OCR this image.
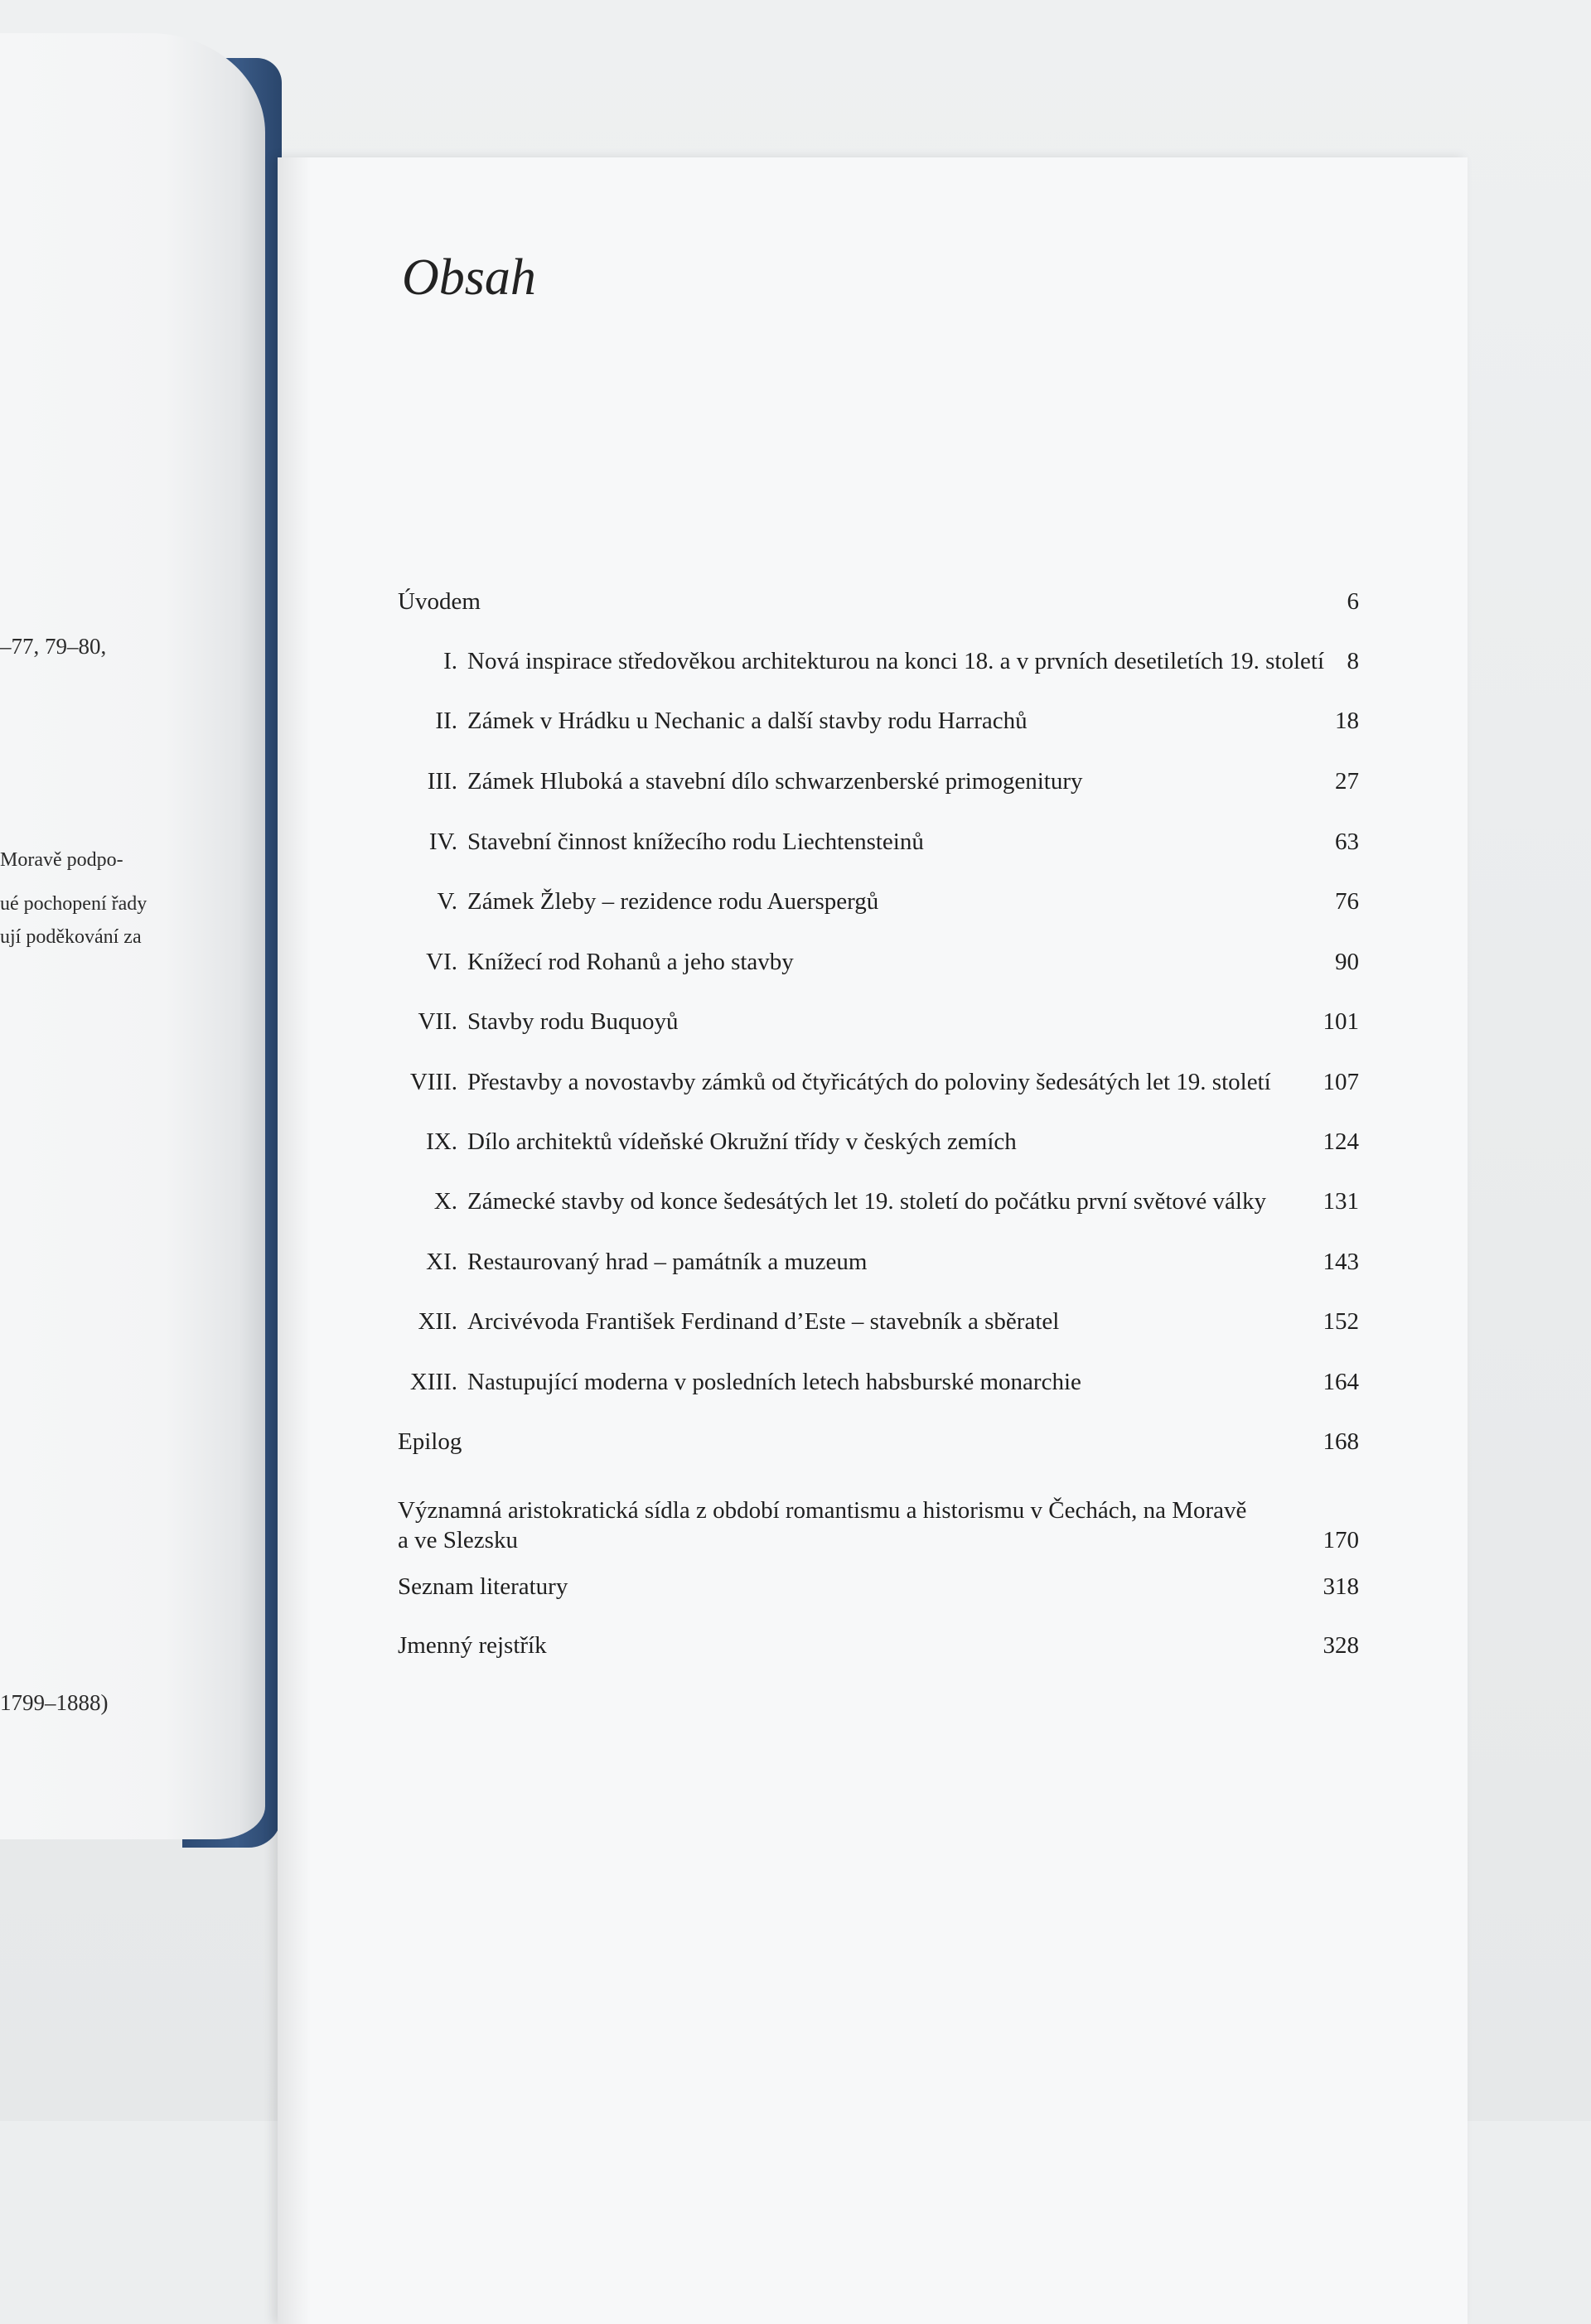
–77, 79–80,
Moravě podpo-
ué pochopení řady
ují poděkování za
1799–1888)
Obsah
Úvodem	6
I. Nová inspirace středověkou architekturou na konci 18. a v prvních desetiletích 19. století 8
II. Zámek v Hrádku u Nechanic a další stavby rodu Harrachů	18
III. Zámek Hluboká a stavební dílo schwarzenberské primogenitury	27
IV. Stavební činnost knížecího rodu Liechtensteinů	63
V. Zámek Žleby – rezidence rodu Auerspergů	76
VI. Knížecí rod Rohanů a jeho stavby	90
VII. Stavby rodu Buquoyů	101
VIII. Přestavby a novostavby zámků od čtyřicátých do poloviny šedesátých let 19. století 107
IX. Dílo architektů vídeňské Okružní třídy v českých zemích	124
X. Zámecké stavby od konce šedesátých let 19. století do počátku první světové války 131
XI. Restaurovaný hrad – památník a muzeum	143
XII. Arcivévoda František Ferdinand d’Este – stavebník a sběratel	152
XIII. Nastupující moderna v posledních letech habsburské monarchie	164
Epilog	168
Významná aristokratická sídla z období romantismu a historismu v Čechách, na Moravě a ve Slezsku	170
Seznam literatury	318
Jmenný rejstřík	328
